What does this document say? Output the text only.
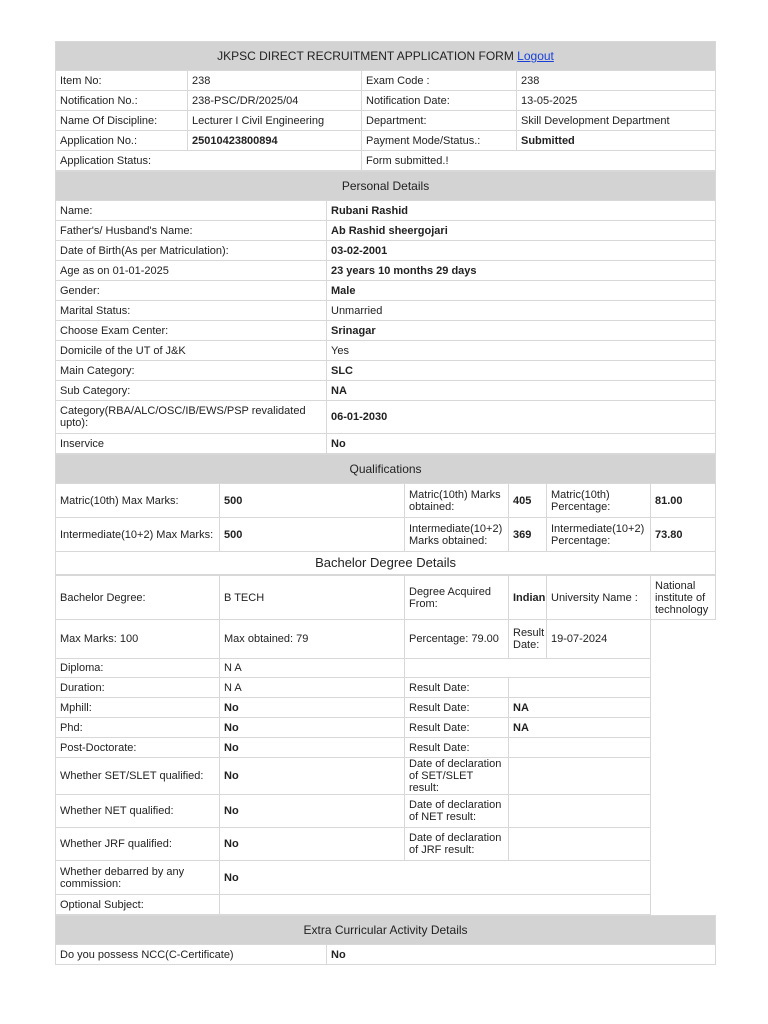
JKPSC DIRECT RECRUITMENT APPLICATION FORM Logout			
Item No:	238	Exam Code :	238
Notification No.:	238-PSC/DR/2025/04	Notification Date:	13-05-2025
Name Of Discipline:	Lecturer I Civil Engineering	Department:	Skill Development Department
Application No.:	25010423800894	Payment Mode/Status.:	Submitted
Application Status:		Form submitted.!	
Personal Details	
Name:	Rubani Rashid
Father's/ Husband's Name:	Ab Rashid sheergojari
Date of Birth(As per Matriculation):	03-02-2001
Age as on 01-01-2025	23 years 10 months 29 days
Gender:	Male
Marital Status:	Unmarried
Choose Exam Center:	Srinagar
Domicile of the UT of J&K	Yes
Main Category:	SLC
Sub Category:	NA
Category(RBA/ALC/OSC/IB/EWS/PSP revalidated upto):	06-01-2030
Inservice	No
Qualifications					
Matric(10th) Max Marks:	500	Matric(10th) Marks obtained:	405	Matric(10th) Percentage:	81.00
Intermediate(10+2) Max Marks:	500	Intermediate(10+2) Marks obtained:	369	Intermediate(10+2) Percentage:	73.80
Bachelor Degree Details					
Bachelor Degree:	B TECH	Degree Acquired From:	Indian	University Name :	National institute of technology
Max Marks: 100	Max obtained: 79	Percentage: 79.00	Result Date:	19-07-2024	
Diploma:	N A				
Duration:	N A	Result Date:			
Mphill:	No	Result Date:	NA		
Phd:	No	Result Date:	NA		
Post-Doctorate:	No	Result Date:			
Whether SET/SLET qualified:	No	Date of declaration of SET/SLET result:			
Whether NET qualified:	No	Date of declaration of NET result:			
Whether JRF qualified:	No	Date of declaration of JRF result:			
Whether debarred by any commission:	No				
Optional Subject:					
Extra Curricular Activity Details
Do you possess NCC(C-Certificate)	No
